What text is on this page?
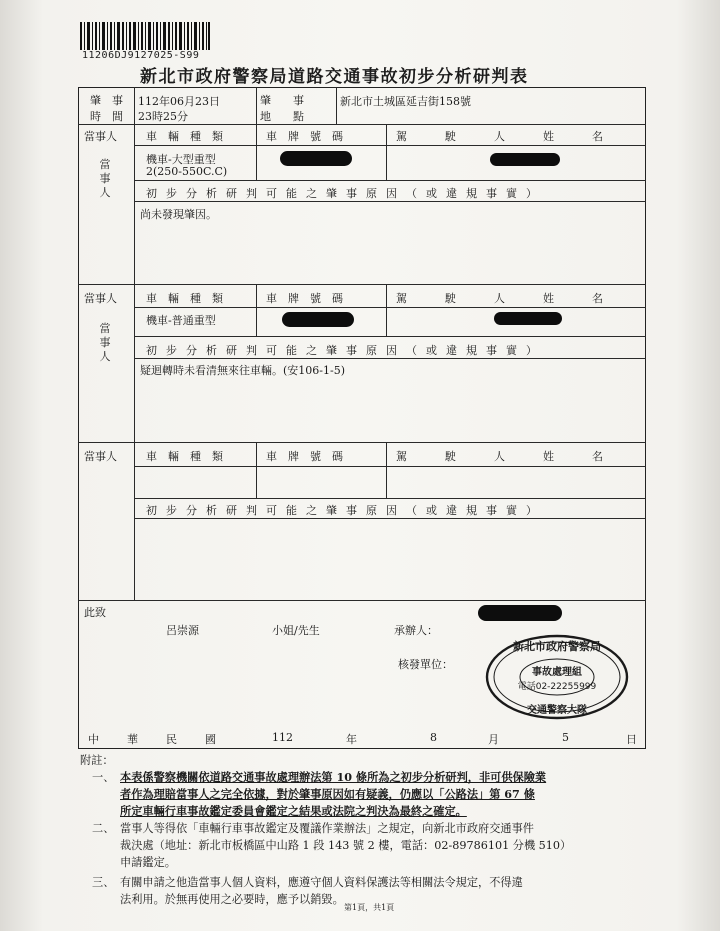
11206DJ9127025-S99
新北市政府警察局道路交通事故初步分析研判表
肇　事
時　間
112年06月23日
23時25分
肇　　事
地　　點
新北市土城區延吉街158號
當事人	車輛種類	車牌號碼	駕駛人姓名
當
事
人
機車-大型重型
2(250-550C.C)
初步分析研判可能之肇事原因（或違規事實）
尚未發現肇因。
當事人	車輛種類	車牌號碼	駕駛人姓名
當
事
人
機車-普通重型
初步分析研判可能之肇事原因（或違規事實）
疑迴轉時未看清無來往車輛。(安106-1-5)
當事人	車輛種類	車牌號碼	駕駛人姓名
初步分析研判可能之肇事原因（或違規事實）
此致
呂崇源	小姐/先生	承辦人：
核發單位：
新北市政府警察局
事故處理組
電話02-22255999
交通警察大隊
中華民國	112	年	8	月	5	日
附註：
一、 本表係警察機關依道路交通事故處理辦法第 10 條所為之初步分析研判，非可供保險業
者作為理賠當事人之完全依據，對於肇事原因如有疑義，仍應以「公路法」第 67 條
所定車輛行車事故鑑定委員會鑑定之結果或法院之判決為最終之確定。
二、 當事人等得依「車輛行車事故鑑定及覆議作業辦法」之規定，向新北市政府交通事件
裁決處（地址：新北市板橋區中山路 1 段 143 號 2 樓，電話：02-89786101 分機 510）
申請鑑定。
三、 有關申請之他造當事人個人資料，應遵守個人資料保護法等相關法令規定，不得違
法利用。於無再使用之必要時，應予以銷毀。
第1頁，共1頁
